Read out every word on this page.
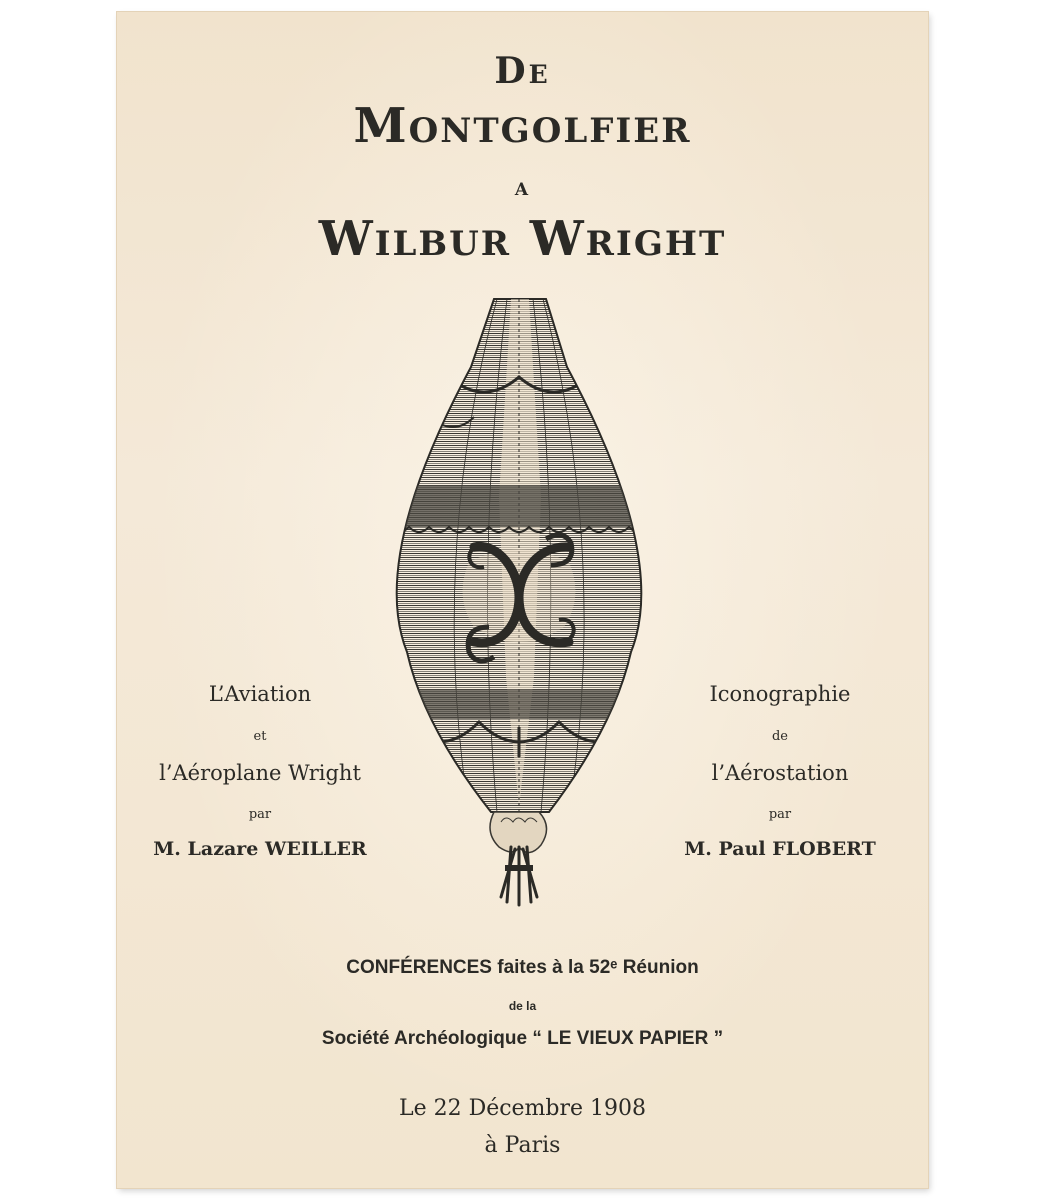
De
Montgolfier
a
Wilbur Wright
L’Aviation
et
l’Aéroplane Wright
par
M. Lazare WEILLER
Iconographie
de
l’Aérostation
par
M. Paul FLOBERT
CONFÉRENCES faites à la 52ᵉ Réunion
de la
Société Archéologique “ LE VIEUX PAPIER ”
Le 22 Décembre 1908
à Paris
